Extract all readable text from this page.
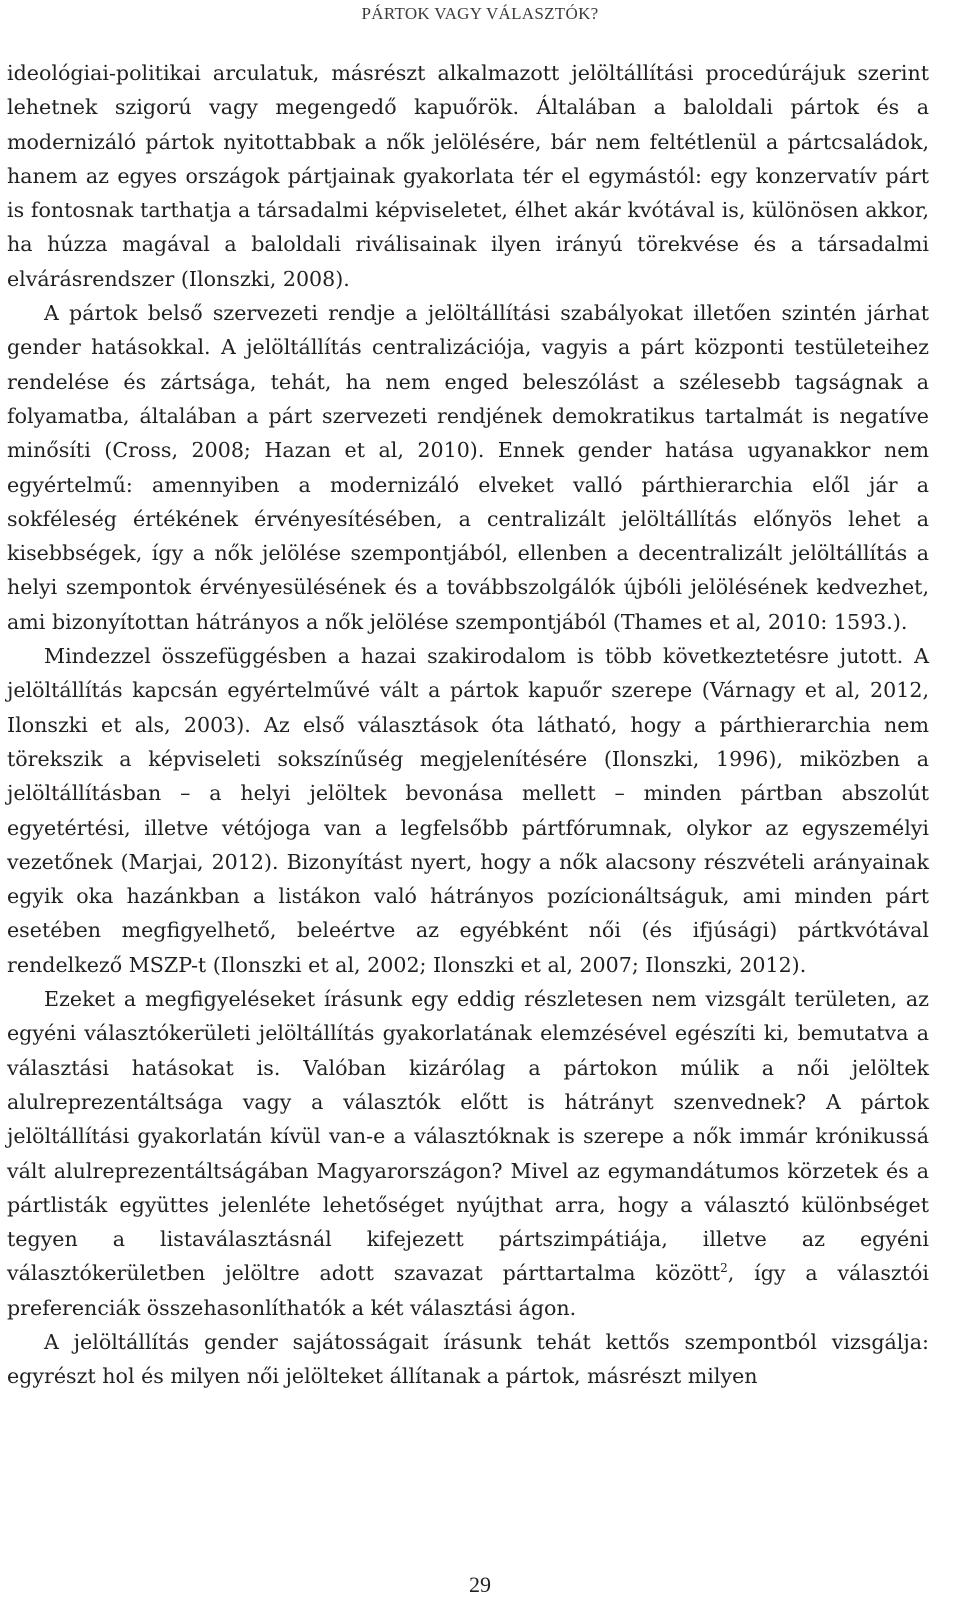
PÁRTOK VAGY VÁLASZTÓK?

ideológiai-politikai arculatuk, másrészt alkalmazott jelöltállítási procedúrájuk szerint lehetnek szigorú vagy megengedő kapuőrök. Általában a baloldali pártok és a modernizáló pártok nyitottabbak a nők jelölésére, bár nem feltétlenül a pártcsaládok, hanem az egyes országok pártjainak gyakorlata tér el egymástól: egy konzervatív párt is fontosnak tarthatja a társadalmi képviseletet, élhet akár kvótával is, különösen akkor, ha húzza magával a baloldali riválisainak ilyen irányú törekvése és a társadalmi elvárásrendszer (Ilonszki, 2008).

A pártok belső szervezeti rendje a jelöltállítási szabályokat illetően szintén járhat gender hatásokkal. A jelöltállítás centralizációja, vagyis a párt központi testületeihez rendelése és zártsága, tehát, ha nem enged beleszólást a szélesebb tagságnak a folyamatba, általában a párt szervezeti rendjének demokratikus tartalmát is negatíve minősíti (Cross, 2008; Hazan et al, 2010). Ennek gender hatása ugyanakkor nem egyértelmű: amennyiben a modernizáló elveket valló párthierarchia elől jár a sokféleség értékének érvényesítésében, a centralizált jelöltállítás előnyös lehet a kisebbségek, így a nők jelölése szempontjából, ellenben a decentralizált jelöltállítás a helyi szempontok érvényesülésének és a továbbszolgálók újbóli jelölésének kedvezhet, ami bizonyítottan hátrányos a nők jelölése szempontjából (Thames et al, 2010: 1593.).

Mindezzel összefüggésben a hazai szakirodalom is több következtetésre jutott. A jelöltállítás kapcsán egyértelművé vált a pártok kapuőr szerepe (Várnagy et al, 2012, Ilonszki et als, 2003). Az első választások óta látható, hogy a párthierarchia nem törekszik a képviseleti sokszínűség megjelenítésére (Ilonszki, 1996), miközben a jelöltállításban – a helyi jelöltek bevonása mellett – minden pártban abszolút egyetértési, illetve vétójoga van a legfelsőbb pártfórumnak, olykor az egyszemélyi vezetőnek (Marjai, 2012). Bizonyítást nyert, hogy a nők alacsony részvételi arányainak egyik oka hazánkban a listákon való hátrányos pozícionáltságuk, ami minden párt esetében megfigyelhető, beleértve az egyébként női (és ifjúsági) pártkvótával rendelkező MSZP-t (Ilonszki et al, 2002; Ilonszki et al, 2007; Ilonszki, 2012).

Ezeket a megfigyeléseket írásunk egy eddig részletesen nem vizsgált területen, az egyéni választókerületi jelöltállítás gyakorlatának elemzésével egészíti ki, bemutatva a választási hatásokat is. Valóban kizárólag a pártokon múlik a női jelöltek alulreprezentáltsága vagy a választók előtt is hátrányt szenvednek? A pártok jelöltállítási gyakorlatán kívül van-e a választóknak is szerepe a nők immár krónikussá vált alulreprezentáltságában Magyarországon? Mivel az egymandátumos körzetek és a pártlisták együttes jelenléte lehetőséget nyújthat arra, hogy a választó különbséget tegyen a listaválasztásnál kifejezett pártszimpátiája, illetve az egyéni választókerületben jelöltre adott szavazat párttartalma között$^2$, így a választói preferenciák összehasonlíthatók a két választási ágon.

A jelöltállítás gender sajátosságait írásunk tehát kettős szempontból vizsgálja: egyrészt hol és milyen női jelölteket állítanak a pártok, másrészt milyen

29
